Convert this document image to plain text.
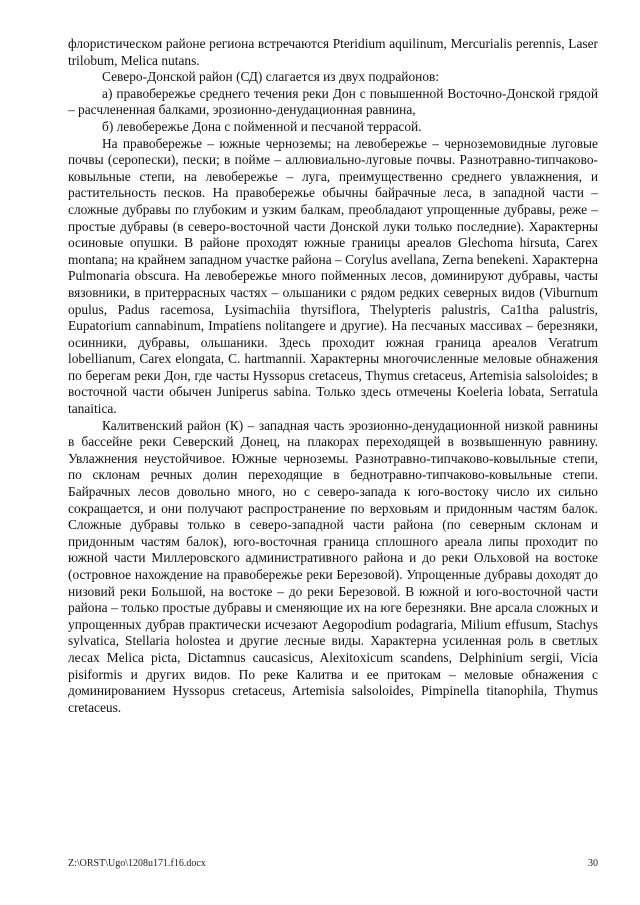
флористическом районе региона встречаются Pteridium aquilinum, Mercurialis perennis, Laser trilobum, Melica nutans.

Северо-Донской район (СД) слагается из двух подрайонов:

а) правобережье среднего течения реки Дон с повышенной Восточно-Донской грядой – расчлененная балками, эрозионно-денудационная равнина,

б) левобережье Дона с пойменной и песчаной террасой.

На правобережье – южные черноземы; на левобережье – черноземовидные луговые почвы (серопески), пески; в пойме – аллювиально-луговые почвы. Разнотравно-типчаково-ковыльные степи, на левобережье – луга, преимущественно среднего увлажнения, и растительность песков. На правобережье обычны байрачные леса, в западной части – сложные дубравы по глубоким и узким балкам, преобладают упрощенные дубравы, реже – простые дубравы (в северо-восточной части Донской луки только последние). Характерны осиновые опушки. В районе проходят южные границы ареалов Glechoma hirsuta, Carex montana; на крайнем западном участке района – Corylus avellana, Zerna benekeni. Характерна Pulmonaria obscura. На левобережье много пойменных лесов, доминируют дубравы, часты вязовники, в притеррасных частях – ольшаники с рядом редких северных видов (Viburnum opulus, Padus racemosa, Lysimachiia thyrsiflora, Thelypteris palustris, Ca1tha palustris, Eupatorium cannabinum, Impatiens nolitangere и другие). На песчаных массивах – березняки, осинники, дубравы, ольшаники. Здесь проходит южная граница ареалов Veratrum lobellianum, Carex elongata, C. hartmannii. Характерны многочисленные меловые обнажения по берегам реки Дон, где часты Hyssopus cretaceus, Thymus cretaceus, Artemisia salsoloides; в восточной части обычен Juniperus sabina. Только здесь отмечены Koeleria lobata, Serratula tanaitica.

Калитвенский район (К) – западная часть эрозионно-денудационной низкой равнины в бассейне реки Северский Донец, на плакорах переходящей в возвышенную равнину. Увлажнения неустойчивое. Южные черноземы. Разнотравно-типчаково-ковыльные степи, по склонам речных долин переходящие в беднотравно-типчаково-ковыльные степи. Байрачных лесов довольно много, но с северо-запада к юго-востоку число их сильно сокращается, и они получают распространение по верховьям и придонным частям балок. Сложные дубравы только в северо-западной части района (по северным склонам и придонным частям балок), юго-восточная граница сплошного ареала липы проходит по южной части Миллеровского административного района и до реки Ольховой на востоке (островное нахождение на правобережье реки Березовой). Упрощенные дубравы доходят до низовий реки Большой, на востоке – до реки Березовой. В южной и юго-восточной части района – только простые дубравы и сменяющие их на юге березняки. Вне арсала сложных и упрощенных дубрав практически исчезают Aegopodium podagraria, Milium effusum, Stachys sylvatica, Stellaria holostea и другие лесные виды. Характерна усиленная роль в светлых лесах Melica picta, Dictamnus caucasicus, Alexitoxicum scandens, Delphinium sergii, Vicia pisiformis и других видов. По реке Калитва и ее притокам – меловые обнажения с доминированием Hyssopus cretaceus, Artemisia salsoloides, Pimpinella titanophila, Thymus cretaceus.

Z:\ORST\Ugo\1208u171.f16.docx	30
